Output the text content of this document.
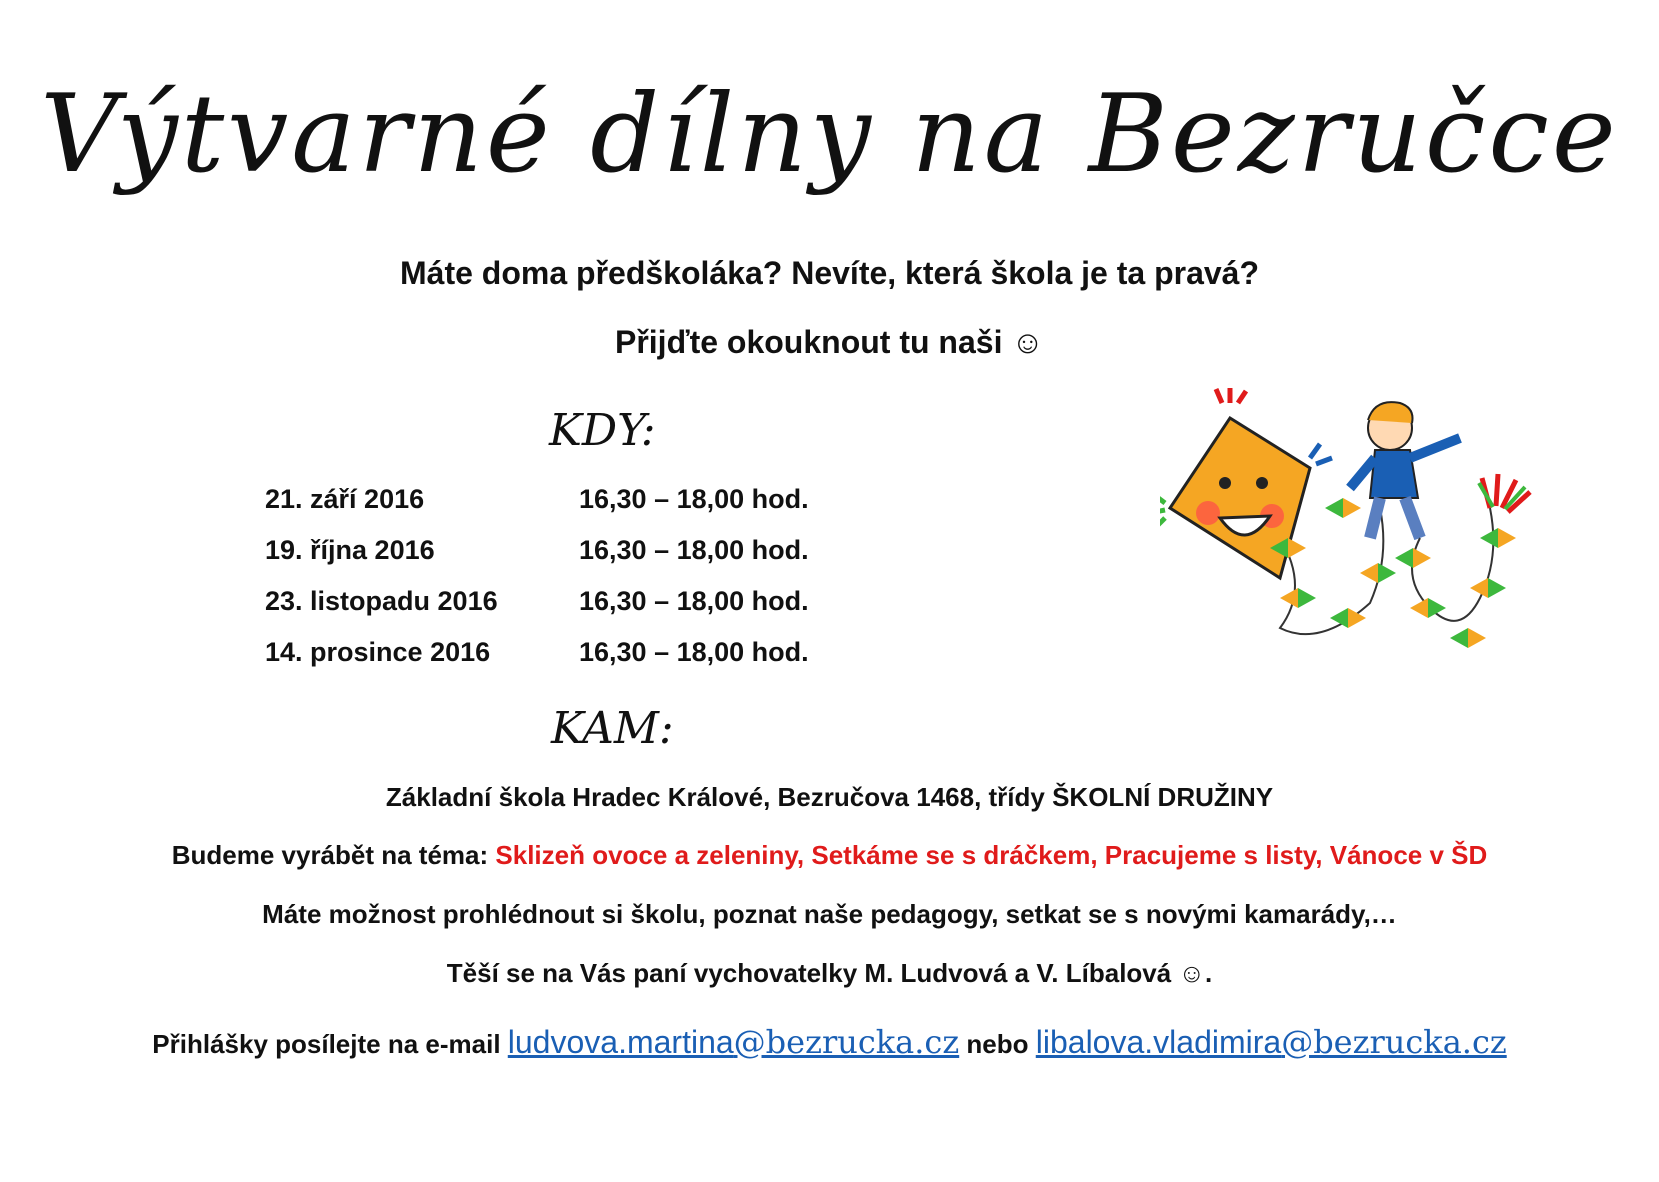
Výtvarné dílny na Bezručce
Máte doma předškoláka? Nevíte, která škola je ta pravá?
Přijďte okouknout tu naši ☺
KDY:
21. září 2016	16,30 – 18,00 hod.
19. října 2016	16,30 – 18,00 hod.
23. listopadu 2016	16,30 – 18,00 hod.
14. prosince 2016	16,30 – 18,00 hod.
KAM:
Základní škola Hradec Králové, Bezručova 1468, třídy ŠKOLNÍ DRUŽINY
Budeme vyrábět na téma: Sklizeň ovoce a zeleniny, Setkáme se s dráčkem, Pracujeme s listy, Vánoce v ŠD
Máte možnost prohlédnout si školu, poznat naše pedagogy, setkat se s novými kamarády,…
Těší se na Vás paní vychovatelky M. Ludvová a V. Líbalová ☺.
Přihlášky posílejte na e-mail ludvova.martina@bezrucka.cz nebo libalova.vladimira@bezrucka.cz
